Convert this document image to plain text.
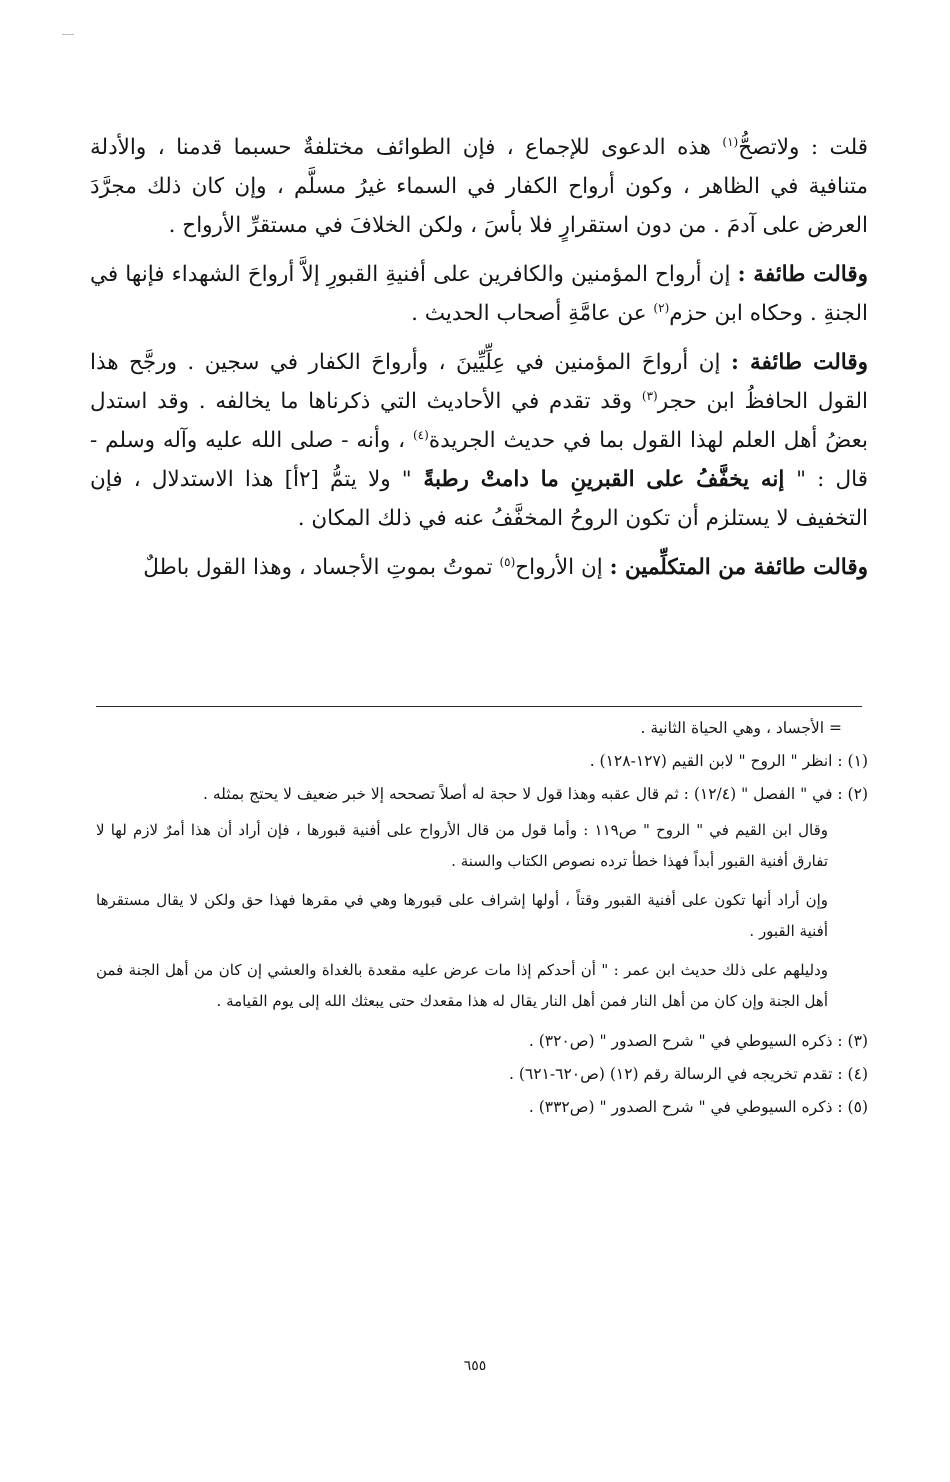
قلت : ولاتصحُّ$^{(١)}$ هذه الدعوى للإجماع ، فإن الطوائف مختلفةٌ حسبما قدمنا ، والأدلة متنافية في الظاهر ، وكون أرواح الكفار في السماء غيرُ مسلَّم ، وإن كان ذلك مجرَّدَ العرض على آدمَ . من دون استقرارٍ فلا بأسَ ، ولكن الخلافَ في مستقرِّ الأرواح .

وقالت طائفة : إن أرواح المؤمنين والكافرين على أفنيةِ القبورِ إلاَّ أرواحَ الشهداء فإنها في الجنةِ . وحكاه ابن حزم$^{(٢)}$ عن عامَّةِ أصحاب الحديث .

وقالت طائفة : إن أرواحَ المؤمنين في عِلِّيِّينَ ، وأرواحَ الكفار في سجين . ورجَّح هذا القول الحافظُ ابن حجر$^{(٣)}$ وقد تقدم في الأحاديث التي ذكرناها ما يخالفه . وقد استدل بعضُ أهل العلم لهذا القول بما في حديث الجريدة$^{(٤)}$ ، وأنه - صلى الله عليه وآله وسلم - قال : " إنه يخفَّفُ على القبرينِ ما دامتْ رطبةً " ولا يتمُّ [٢أ] هذا الاستدلال ، فإن التخفيف لا يستلزم أن تكون الروحُ المخفَّفُ عنه في ذلك المكان .

وقالت طائفة من المتكلِّمين : إن الأرواح$^{(٥)}$ تموتُ بموتِ الأجساد ، وهذا القول باطلٌ

= الأجساد ، وهي الحياة الثانية .

(١) : انظر " الروح " لابن القيم (١٢٧-١٢٨) .

(٢) : في " الفصل " (١٢/٤) : ثم قال عقبه وهذا قول لا حجة له أصلاً تصححه إلا خبر ضعيف لا يحتج بمثله .

وقال ابن القيم في " الروح " ص١١٩ : وأما قول من قال الأرواح على أفنية قبورها ، فإن أراد أن هذا أمرٌ لازم لها لا تفارق أفنية القبور أبداً فهذا خطأ ترده نصوص الكتاب والسنة .

وإن أراد أنها تكون على أفنية القبور وقتاً ، أولها إشراف على قبورها وهي في مقرها فهذا حق ولكن لا يقال مستقرها أفنية القبور .

ودليلهم على ذلك حديث ابن عمر : " أن أحدكم إذا مات عرض عليه مقعدة بالغداة والعشي إن كان من أهل الجنة فمن أهل الجنة وإن كان من أهل النار فمن أهل النار يقال له هذا مقعدك حتى يبعثك الله إلى يوم القيامة .

(٣) : ذكره السيوطي في " شرح الصدور " (ص٣٢٠) .

(٤) : تقدم تخريجه في الرسالة رقم (١٢) (ص٦٢٠-٦٢١) .

(٥) : ذكره السيوطي في " شرح الصدور " (ص٣٣٢) .

٦٥٥
